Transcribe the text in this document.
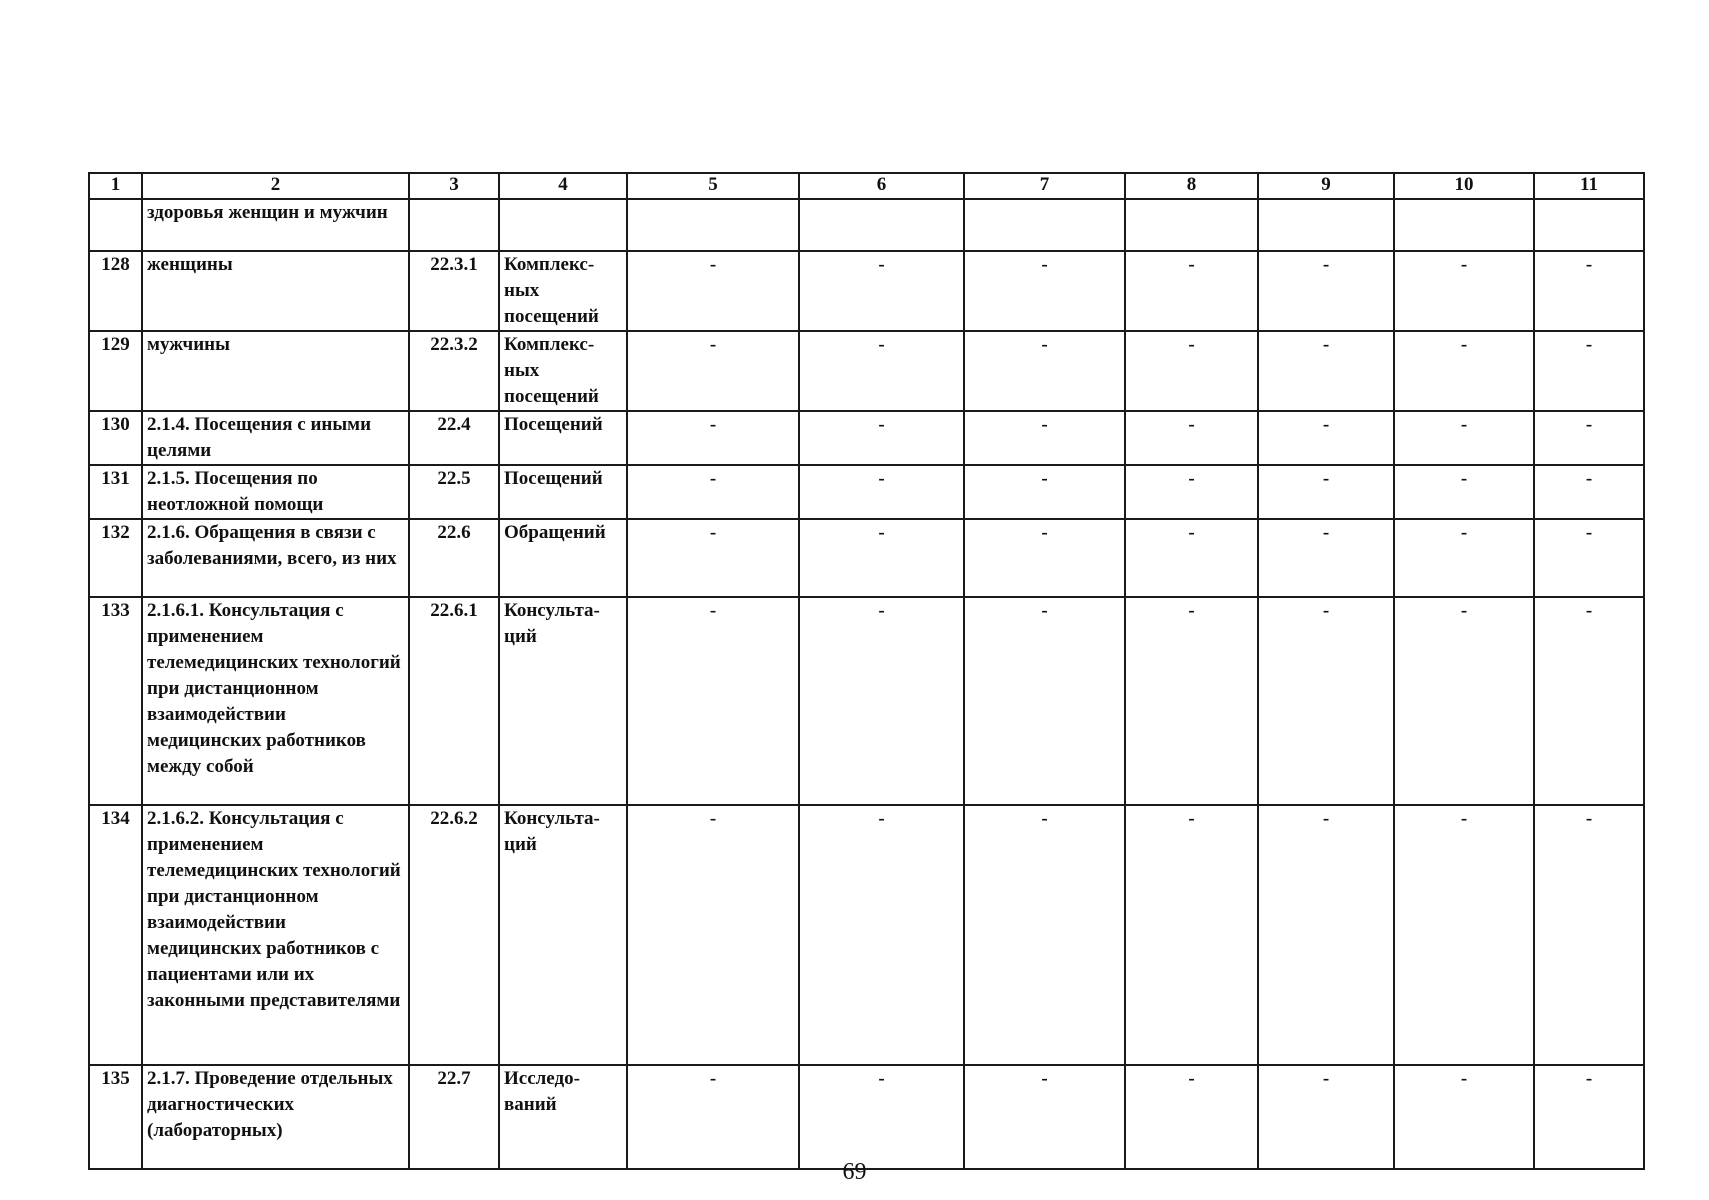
1	2	3	4	5	6	7	8	9	10	11
	здоровья женщин и мужчин									
128	женщины	22.3.1	Комплекс-ных посещений	-	-	-	-	-	-	-
129	мужчины	22.3.2	Комплекс-ных посещений	-	-	-	-	-	-	-
130	2.1.4. Посещения с иными целями	22.4	Посещений	-	-	-	-	-	-	-
131	2.1.5. Посещения по неотложной помощи	22.5	Посещений	-	-	-	-	-	-	-
132	2.1.6. Обращения в связи с заболеваниями, всего, из них	22.6	Обращений	-	-	-	-	-	-	-
133	2.1.6.1. Консультация с применением телемедицинских технологий при дистанционном взаимодействии медицинских работников между собой	22.6.1	Консульта-ций	-	-	-	-	-	-	-
134	2.1.6.2. Консультация с применением телемедицинских технологий при дистанционном взаимодействии медицинских работников с пациентами или их законными представителями	22.6.2	Консульта-ций	-	-	-	-	-	-	-
135	2.1.7. Проведение отдельных диагностических (лабораторных)	22.7	Исследо-ваний	-	-	-	-	-	-	-
69
